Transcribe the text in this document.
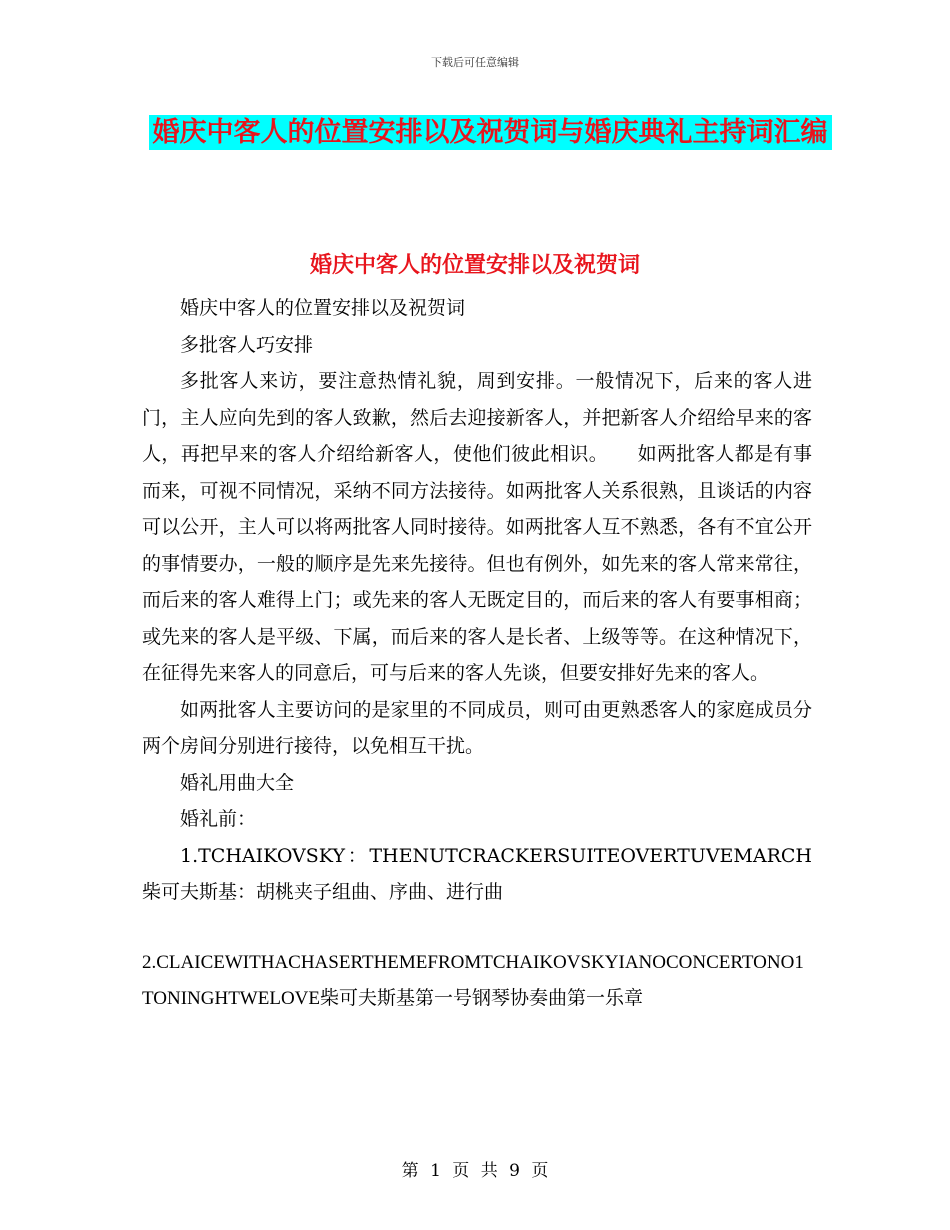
下载后可任意编辑
婚庆中客人的位置安排以及祝贺词与婚庆典礼主持词汇编
婚庆中客人的位置安排以及祝贺词

婚庆中客人的位置安排以及祝贺词

多批客人巧安排

多批客人来访，要注意热情礼貌，周到安排。一般情况下，后来的客人进门，主人应向先到的客人致歉，然后去迎接新客人，并把新客人介绍给早来的客人，再把早来的客人介绍给新客人，使他们彼此相识。　　如两批客人都是有事而来，可视不同情况，采纳不同方法接待。如两批客人关系很熟，且谈话的内容可以公开，主人可以将两批客人同时接待。如两批客人互不熟悉，各有不宜公开的事情要办，一般的顺序是先来先接待。但也有例外，如先来的客人常来常往，而后来的客人难得上门；或先来的客人无既定目的，而后来的客人有要事相商；或先来的客人是平级、下属，而后来的客人是长者、上级等等。在这种情况下，在征得先来客人的同意后，可与后来的客人先谈，但要安排好先来的客人。

如两批客人主要访问的是家里的不同成员，则可由更熟悉客人的家庭成员分两个房间分别进行接待，以免相互干扰。

婚礼用曲大全

婚礼前：

1.TCHAIKOVSKY：THENUTCRACKERSUITEOVERTUVEMARCH柴可夫斯基：胡桃夹子组曲、序曲、进行曲

2.CLAICEWITHACHASERTHEMEFROMTCHAIKOVSKYIANOCONCERTONO1TONINGHTWELOVE柴可夫斯基第一号钢琴协奏曲第一乐章

第 1 页 共 9 页
